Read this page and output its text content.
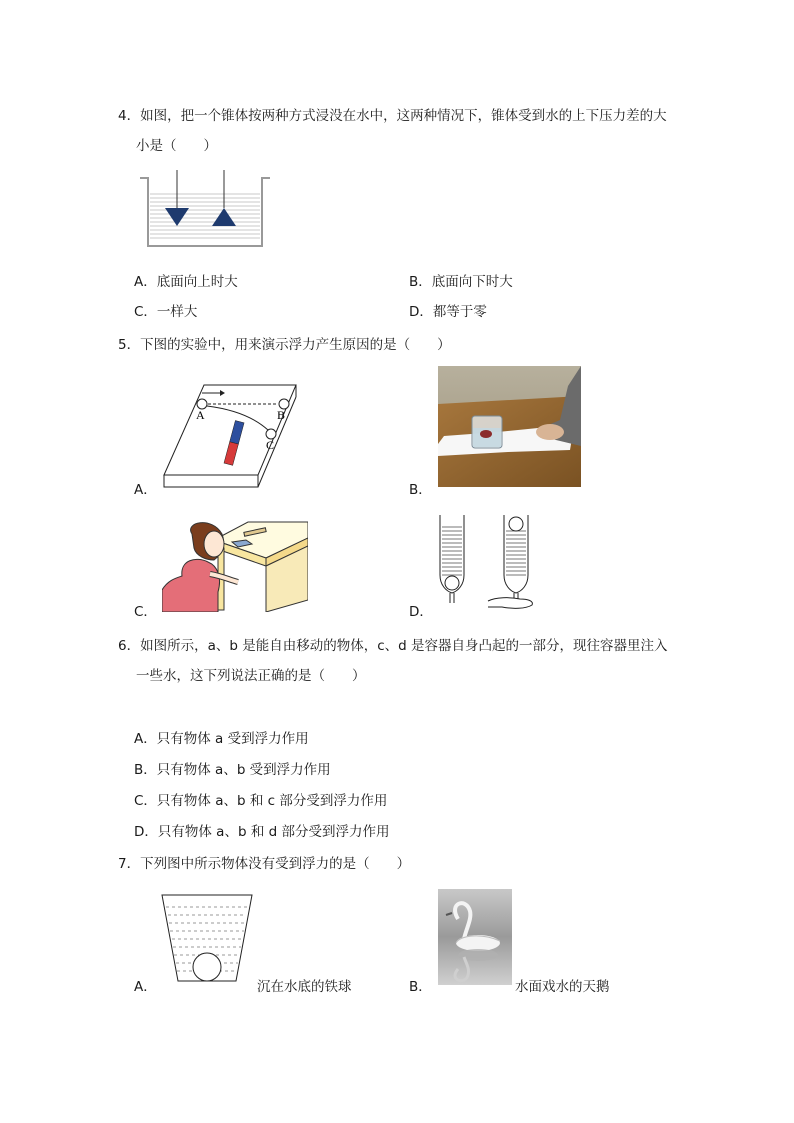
4．如图，把一个锥体按两种方式浸没在水中，这两种情况下，锥体受到水的上下压力差的大
小是（　　）
A．底面向上时大	B．底面向下时大
C．一样大	D．都等于零
5．下图的实验中，用来演示浮力产生原因的是（　　）
A	B
C
A．	B．
C．	D．
6．如图所示，a、b 是能自由移动的物体，c、d 是容器自身凸起的一部分，现往容器里注入
一些水，这下列说法正确的是（　　）
A．只有物体 a 受到浮力作用
B．只有物体 a、b 受到浮力作用
C．只有物体 a、b 和 c 部分受到浮力作用
D．只有物体 a、b 和 d 部分受到浮力作用
7．下列图中所示物体没有受到浮力的是（　　）
A．	沉在水底的铁球	B．	水面戏水的天鹅
